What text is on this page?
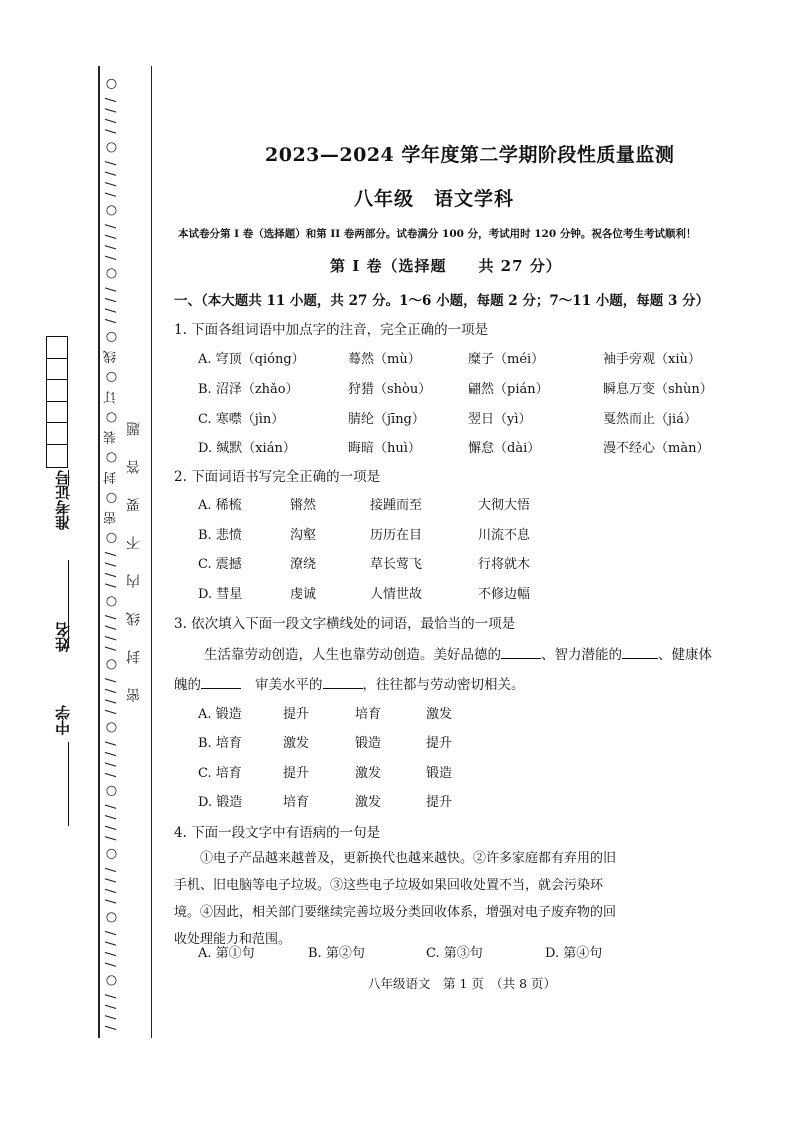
/ / / / ○ / / / / ○ / / / / ○ / / / / ○ / / / / ○ / / / / ○ / / / / ○ / / / / ○ 密 ○ 封 ○ 装 ○ 订 ○ 线 ○ / / / / ○ / / / / ○ / / / / ○ / / / / ○
密封线内不要答题
中学
姓名
准考证号
2023—2024 学年度第二学期阶段性质量监测
八年级　语文学科
本试卷分第 I 卷（选择题）和第 II 卷两部分。试卷满分 100 分，考试用时 120 分钟。祝各位考生考试顺利！
第 I 卷（选择题　　共 27 分）
一、（本大题共 11 小题，共 27 分。1～6 小题，每题 2 分；7～11 小题，每题 3 分）
1. 下面各组词语中加点字的注音，完全正确的一项是
A. 穹顶（qióng）	蓦然（mù）	糜子（méi）	袖手旁观（xiù）
B. 沼泽（zhǎo）	狩猎（shòu）	翩然（pián）	瞬息万变（shùn）
C. 寒噤（jìn）	腈纶（jīng）	翌日（yì）	戛然而止（jiá）
D. 缄默（xián）	晦暗（huì）	懈怠（dài）	漫不经心（màn）
2. 下面词语书写完全正确的一项是
A. 稀梳	锵然	接踵而至	大彻大悟
B. 悲愤	沟壑	历历在目	川流不息
C. 震撼	潦绕	草长莺飞	行将就木
D. 彗星	虔诚	人情世故	不修边幅
3. 依次填入下面一段文字横线处的词语，最恰当的一项是
生活靠劳动创造，人生也靠劳动创造。美好品德的	、智力潜能的	、健康体
魄的	审美水平的	，往往都与劳动密切相关。
A. 锻造	提升	培育	激发
B. 培育	激发	锻造	提升
C. 培育	提升	激发	锻造
D. 锻造	培育	激发	提升
4. 下面一段文字中有语病的一句是
①电子产品越来越普及，更新换代也越来越快。②许多家庭都有弃用的旧手机、旧电脑等电子垃圾。③这些电子垃圾如果回收处置不当，就会污染环境。④因此，相关部门要继续完善垃圾分类回收体系，增强对电子废弃物的回收处理能力和范围。
A. 第①句	B. 第②句	C. 第③句	D. 第④句
八年级语文　第 1 页　（共 8 页）
